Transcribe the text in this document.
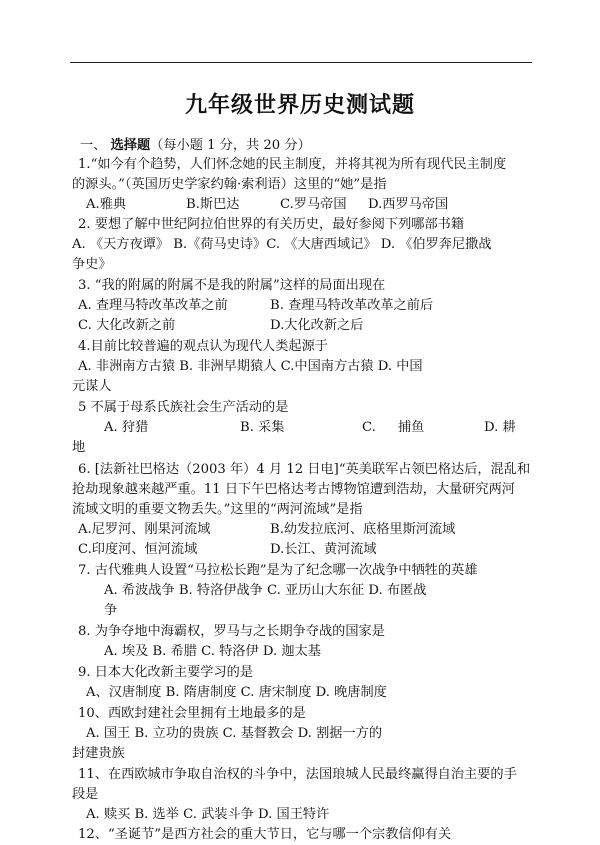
九年级世界历史测试题
一、 选择题（每小题 1 分，共 20 分）
1.“如今有个趋势，人们怀念她的民主制度，并将其视为所有现代民主制度
的源头。”（英国历史学家约翰·索利语）这里的“她”是指
A.雅典	B.斯巴达	C.罗马帝国 D.西罗马帝国
2. 要想了解中世纪阿拉伯世界的有关历史，最好参阅下列哪部书籍
A. 《天方夜谭》 B.《荷马史诗》C. 《大唐西域记》 D. 《伯罗奔尼撒战
争史》
3. “我的附属的附属不是我的附属”这样的局面出现在
A. 查理马特改革改革之前	B. 查理马特改革改革之前后
C. 大化改新之前	D.大化改新之后
4.目前比较普遍的观点认为现代人类起源于
A. 非洲南方古猿 B. 非洲早期猿人 C.中国南方古猿 D. 中国
元谋人
5 不属于母系氏族社会生产活动的是
A. 狩猎	B. 采集	C. 捕鱼	D. 耕
地
6. [法新社巴格达（2003 年）4 月 12 日电]“英美联军占领巴格达后，混乱和
抢劫现象越来越严重。11 日下午巴格达考古博物馆遭到浩劫，大量研究两河
流域文明的重要文物丢失。”这里的“两河流域”是指
A.尼罗河、刚果河流域	B.幼发拉底河、底格里斯河流域
C.印度河、恒河流域	D.长江、黄河流域
7. 古代雅典人设置“马拉松长跑”是为了纪念哪一次战争中牺牲的英雄
A. 希波战争 B. 特洛伊战争 C. 亚历山大东征 D. 布匿战
争
8. 为争夺地中海霸权，罗马与之长期争夺战的国家是
A. 埃及 B. 希腊 C. 特洛伊 D. 迦太基
9. 日本大化改新主要学习的是
A、汉唐制度 B. 隋唐制度 C. 唐宋制度 D. 晚唐制度
10、西欧封建社会里拥有土地最多的是
A. 国王 B. 立功的贵族 C. 基督教会 D. 割据一方的
封建贵族
11、在西欧城市争取自治权的斗争中，法国琅城人民最终赢得自治主要的手
段是
A. 赎买 B. 选举 C. 武装斗争 D. 国王特许
12、“圣诞节”是西方社会的重大节日，它与哪一个宗教信仰有关
